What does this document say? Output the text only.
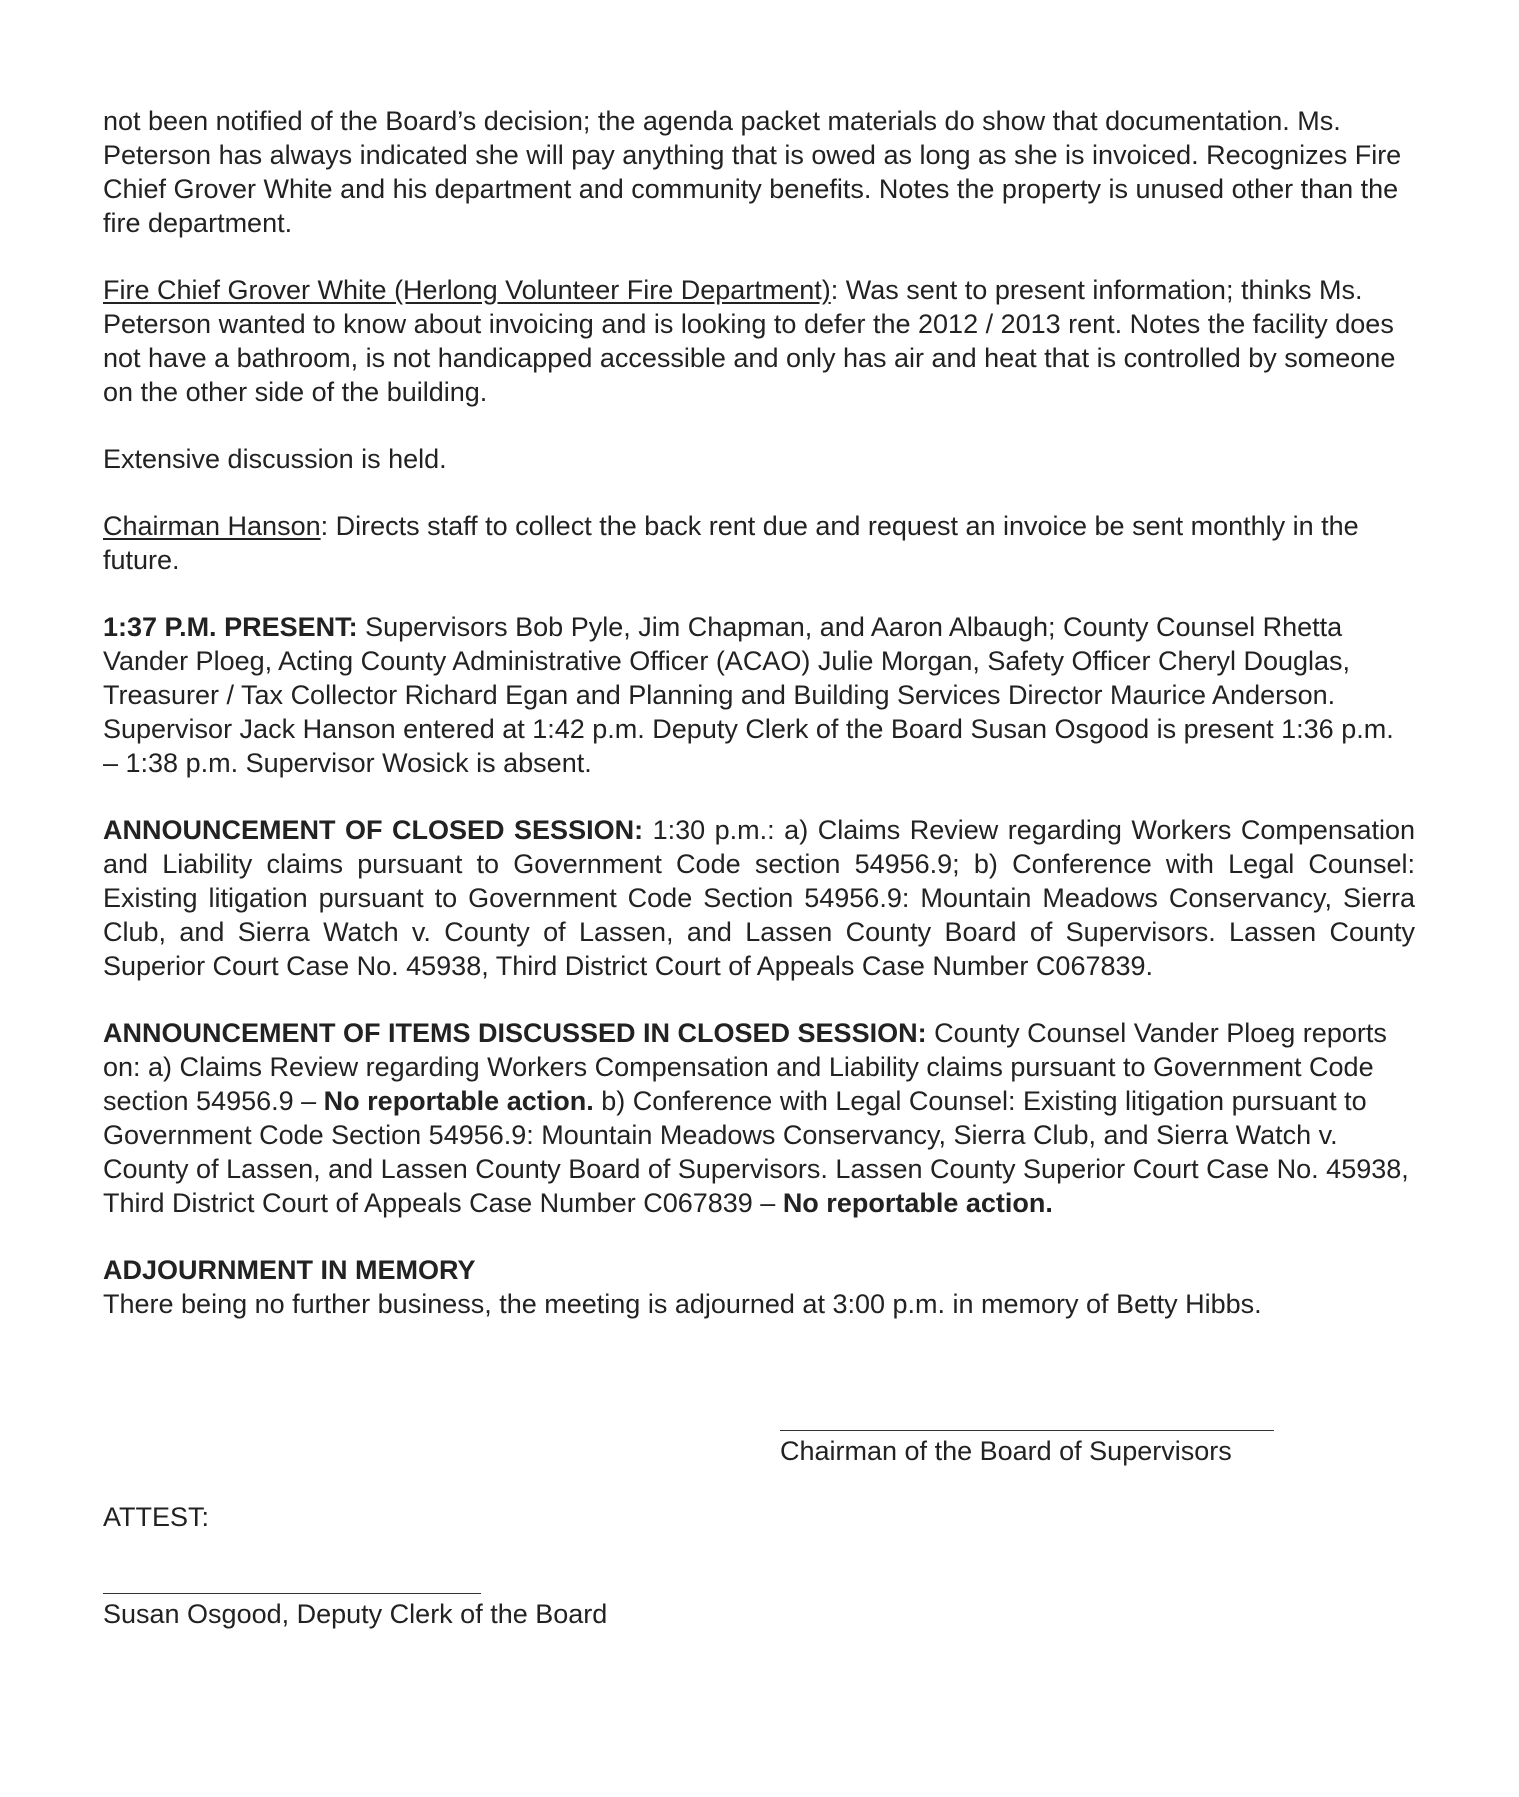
not been notified of the Board’s decision; the agenda packet materials do show that documentation. Ms. Peterson has always indicated she will pay anything that is owed as long as she is invoiced. Recognizes Fire Chief Grover White and his department and community benefits. Notes the property is unused other than the fire department.

Fire Chief Grover White (Herlong Volunteer Fire Department): Was sent to present information; thinks Ms. Peterson wanted to know about invoicing and is looking to defer the 2012 / 2013 rent. Notes the facility does not have a bathroom, is not handicapped accessible and only has air and heat that is controlled by someone on the other side of the building.

Extensive discussion is held.

Chairman Hanson: Directs staff to collect the back rent due and request an invoice be sent monthly in the future.

1:37 P.M. PRESENT: Supervisors Bob Pyle, Jim Chapman, and Aaron Albaugh; County Counsel Rhetta Vander Ploeg, Acting County Administrative Officer (ACAO) Julie Morgan, Safety Officer Cheryl Douglas, Treasurer / Tax Collector Richard Egan and Planning and Building Services Director Maurice Anderson. Supervisor Jack Hanson entered at 1:42 p.m. Deputy Clerk of the Board Susan Osgood is present 1:36 p.m. – 1:38 p.m. Supervisor Wosick is absent.

ANNOUNCEMENT OF CLOSED SESSION: 1:30 p.m.: a) Claims Review regarding Workers Compensation and Liability claims pursuant to Government Code section 54956.9; b) Conference with Legal Counsel: Existing litigation pursuant to Government Code Section 54956.9: Mountain Meadows Conservancy, Sierra Club, and Sierra Watch v. County of Lassen, and Lassen County Board of Supervisors. Lassen County Superior Court Case No. 45938, Third District Court of Appeals Case Number C067839.

ANNOUNCEMENT OF ITEMS DISCUSSED IN CLOSED SESSION: County Counsel Vander Ploeg reports on: a) Claims Review regarding Workers Compensation and Liability claims pursuant to Government Code section 54956.9 – No reportable action. b) Conference with Legal Counsel: Existing litigation pursuant to Government Code Section 54956.9: Mountain Meadows Conservancy, Sierra Club, and Sierra Watch v. County of Lassen, and Lassen County Board of Supervisors. Lassen County Superior Court Case No. 45938, Third District Court of Appeals Case Number C067839 – No reportable action.

ADJOURNMENT IN MEMORY

There being no further business, the meeting is adjourned at 3:00 p.m. in memory of Betty Hibbs.

Chairman of the Board of Supervisors
ATTEST:
Susan Osgood, Deputy Clerk of the Board
